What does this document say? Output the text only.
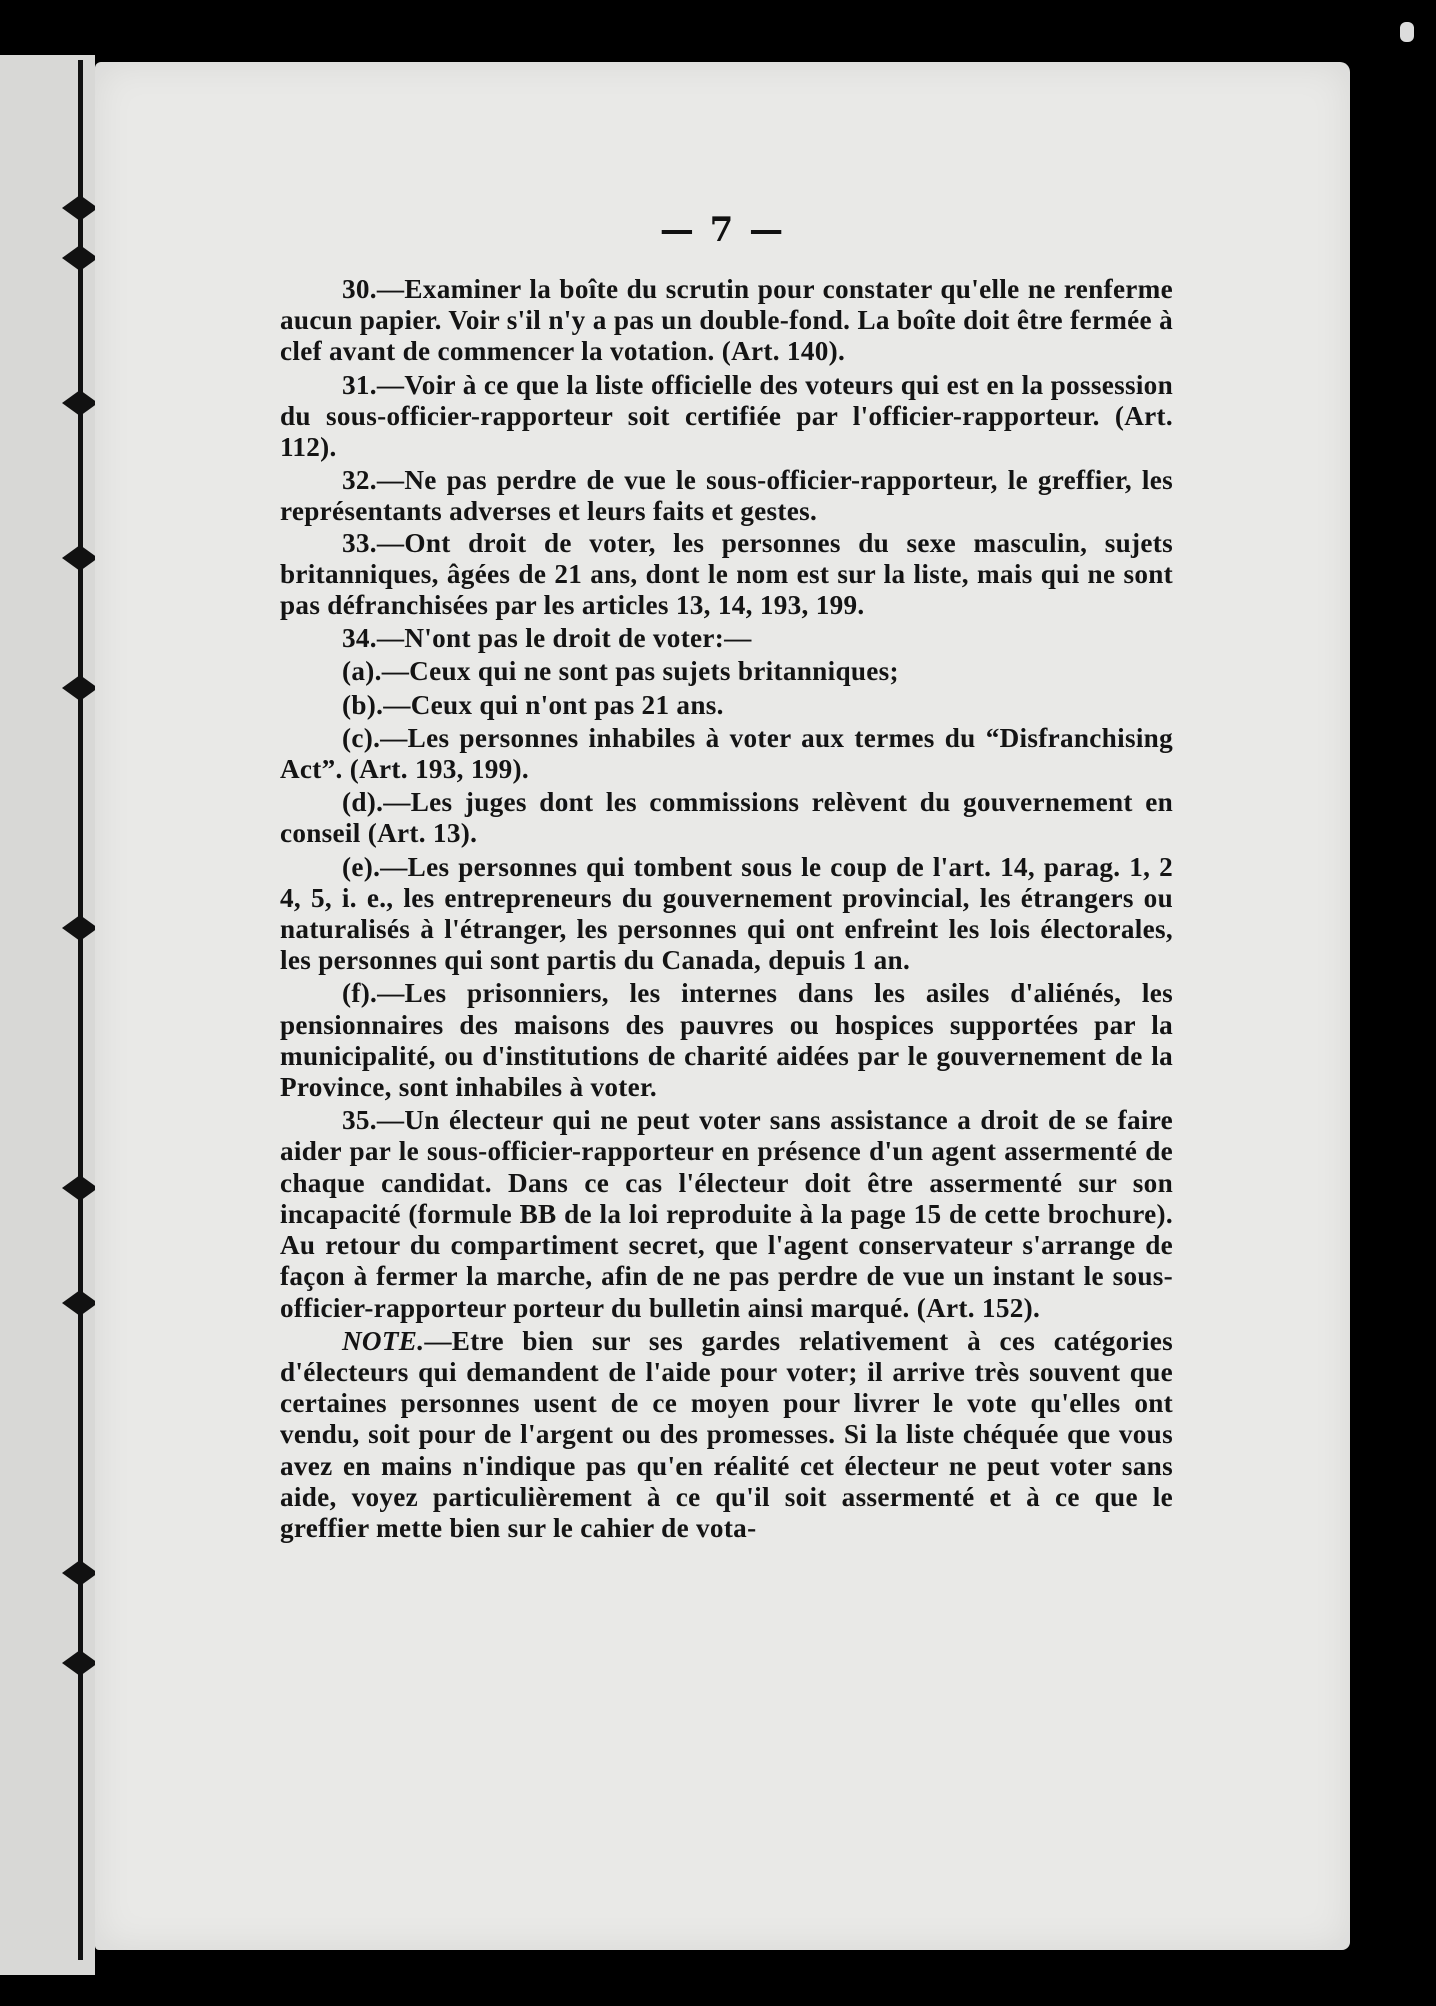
— 7 —

30.—Examiner la boîte du scrutin pour constater qu'elle ne renferme aucun papier. Voir s'il n'y a pas un double-fond. La boîte doit être fermée à clef avant de commencer la votation. (Art. 140).

31.—Voir à ce que la liste officielle des voteurs qui est en la possession du sous-officier-rapporteur soit certifiée par l'officier-rapporteur. (Art. 112).

32.—Ne pas perdre de vue le sous-officier-rapporteur, le greffier, les représentants adverses et leurs faits et gestes.

33.—Ont droit de voter, les personnes du sexe masculin, sujets britanniques, âgées de 21 ans, dont le nom est sur la liste, mais qui ne sont pas défranchisées par les articles 13, 14, 193, 199.

34.—N'ont pas le droit de voter:—

(a).—Ceux qui ne sont pas sujets britanniques;

(b).—Ceux qui n'ont pas 21 ans.

(c).—Les personnes inhabiles à voter aux termes du “Disfranchising Act”. (Art. 193, 199).

(d).—Les juges dont les commissions relèvent du gouvernement en conseil (Art. 13).

(e).—Les personnes qui tombent sous le coup de l'art. 14, parag. 1, 2 4, 5, i. e., les entrepreneurs du gouvernement provincial, les étrangers ou naturalisés à l'étranger, les personnes qui ont enfreint les lois électorales, les personnes qui sont partis du Canada, depuis 1 an.

(f).—Les prisonniers, les internes dans les asiles d'aliénés, les pensionnaires des maisons des pauvres ou hospices supportées par la municipalité, ou d'institutions de charité aidées par le gouvernement de la Province, sont inhabiles à voter.

35.—Un électeur qui ne peut voter sans assistance a droit de se faire aider par le sous-officier-rapporteur en présence d'un agent assermenté de chaque candidat. Dans ce cas l'électeur doit être assermenté sur son incapacité (formule BB de la loi reproduite à la page 15 de cette brochure). Au retour du compartiment secret, que l'agent conservateur s'arrange de façon à fermer la marche, afin de ne pas perdre de vue un instant le sous-officier-rapporteur porteur du bulletin ainsi marqué. (Art. 152).

NOTE.—Etre bien sur ses gardes relativement à ces catégories d'électeurs qui demandent de l'aide pour voter; il arrive très souvent que certaines personnes usent de ce moyen pour livrer le vote qu'elles ont vendu, soit pour de l'argent ou des promesses. Si la liste chéquée que vous avez en mains n'indique pas qu'en réalité cet électeur ne peut voter sans aide, voyez particulièrement à ce qu'il soit assermenté et à ce que le greffier mette bien sur le cahier de vota-
